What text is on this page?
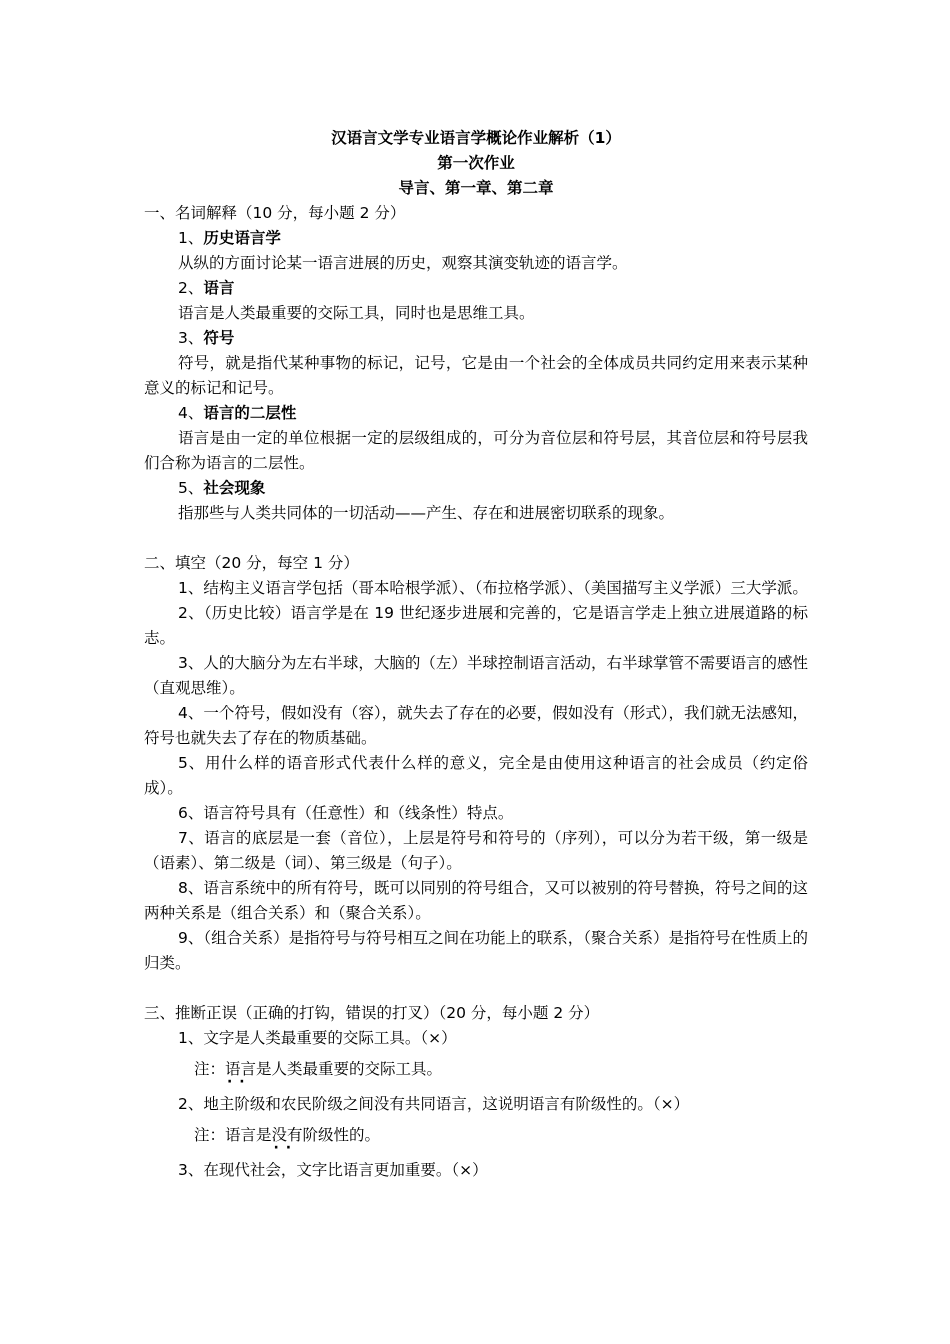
汉语言文学专业语言学概论作业解析（1）
第一次作业
导言、第一章、第二章
一、名词解释（10 分，每小题 2 分）
1、历史语言学
从纵的方面讨论某一语言进展的历史，观察其演变轨迹的语言学。
2、语言
语言是人类最重要的交际工具，同时也是思维工具。
3、符号
符号，就是指代某种事物的标记，记号，它是由一个社会的全体成员共同约定用来表示某种意义的标记和记号。
4、语言的二层性
语言是由一定的单位根据一定的层级组成的，可分为音位层和符号层，其音位层和符号层我们合称为语言的二层性。
5、社会现象
指那些与人类共同体的一切活动——产生、存在和进展密切联系的现象。
二、填空（20 分，每空 1 分）
1、结构主义语言学包括（哥本哈根学派）、（布拉格学派）、（美国描写主义学派）三大学派。
2、（历史比较）语言学是在 19 世纪逐步进展和完善的，它是语言学走上独立进展道路的标志。
3、人的大脑分为左右半球，大脑的（左）半球控制语言活动，右半球掌管不需要语言的感性（直观思维）。
4、一个符号，假如没有（容），就失去了存在的必要，假如没有（形式），我们就无法感知，符号也就失去了存在的物质基础。
5、用什么样的语音形式代表什么样的意义，完全是由使用这种语言的社会成员（约定俗成）。
6、语言符号具有（任意性）和（线条性）特点。
7、语言的底层是一套（音位），上层是符号和符号的（序列），可以分为若干级，第一级是（语素）、第二级是（词）、第三级是（句子）。
8、语言系统中的所有符号，既可以同别的符号组合，又可以被别的符号替换，符号之间的这两种关系是（组合关系）和（聚合关系）。
9、（组合关系）是指符号与符号相互之间在功能上的联系，（聚合关系）是指符号在性质上的归类。
三、推断正误（正确的打钩，错误的打叉）（20 分，每小题 2 分）
1、文字是人类最重要的交际工具。（×）
注：语言 · ·是人类最重要的交际工具。
2、地主阶级和农民阶级之间没有共同语言，这说明语言有阶级性的。（×）
注：语言是没有 · ·阶级性的。
3、在现代社会，文字比语言更加重要。（×）
